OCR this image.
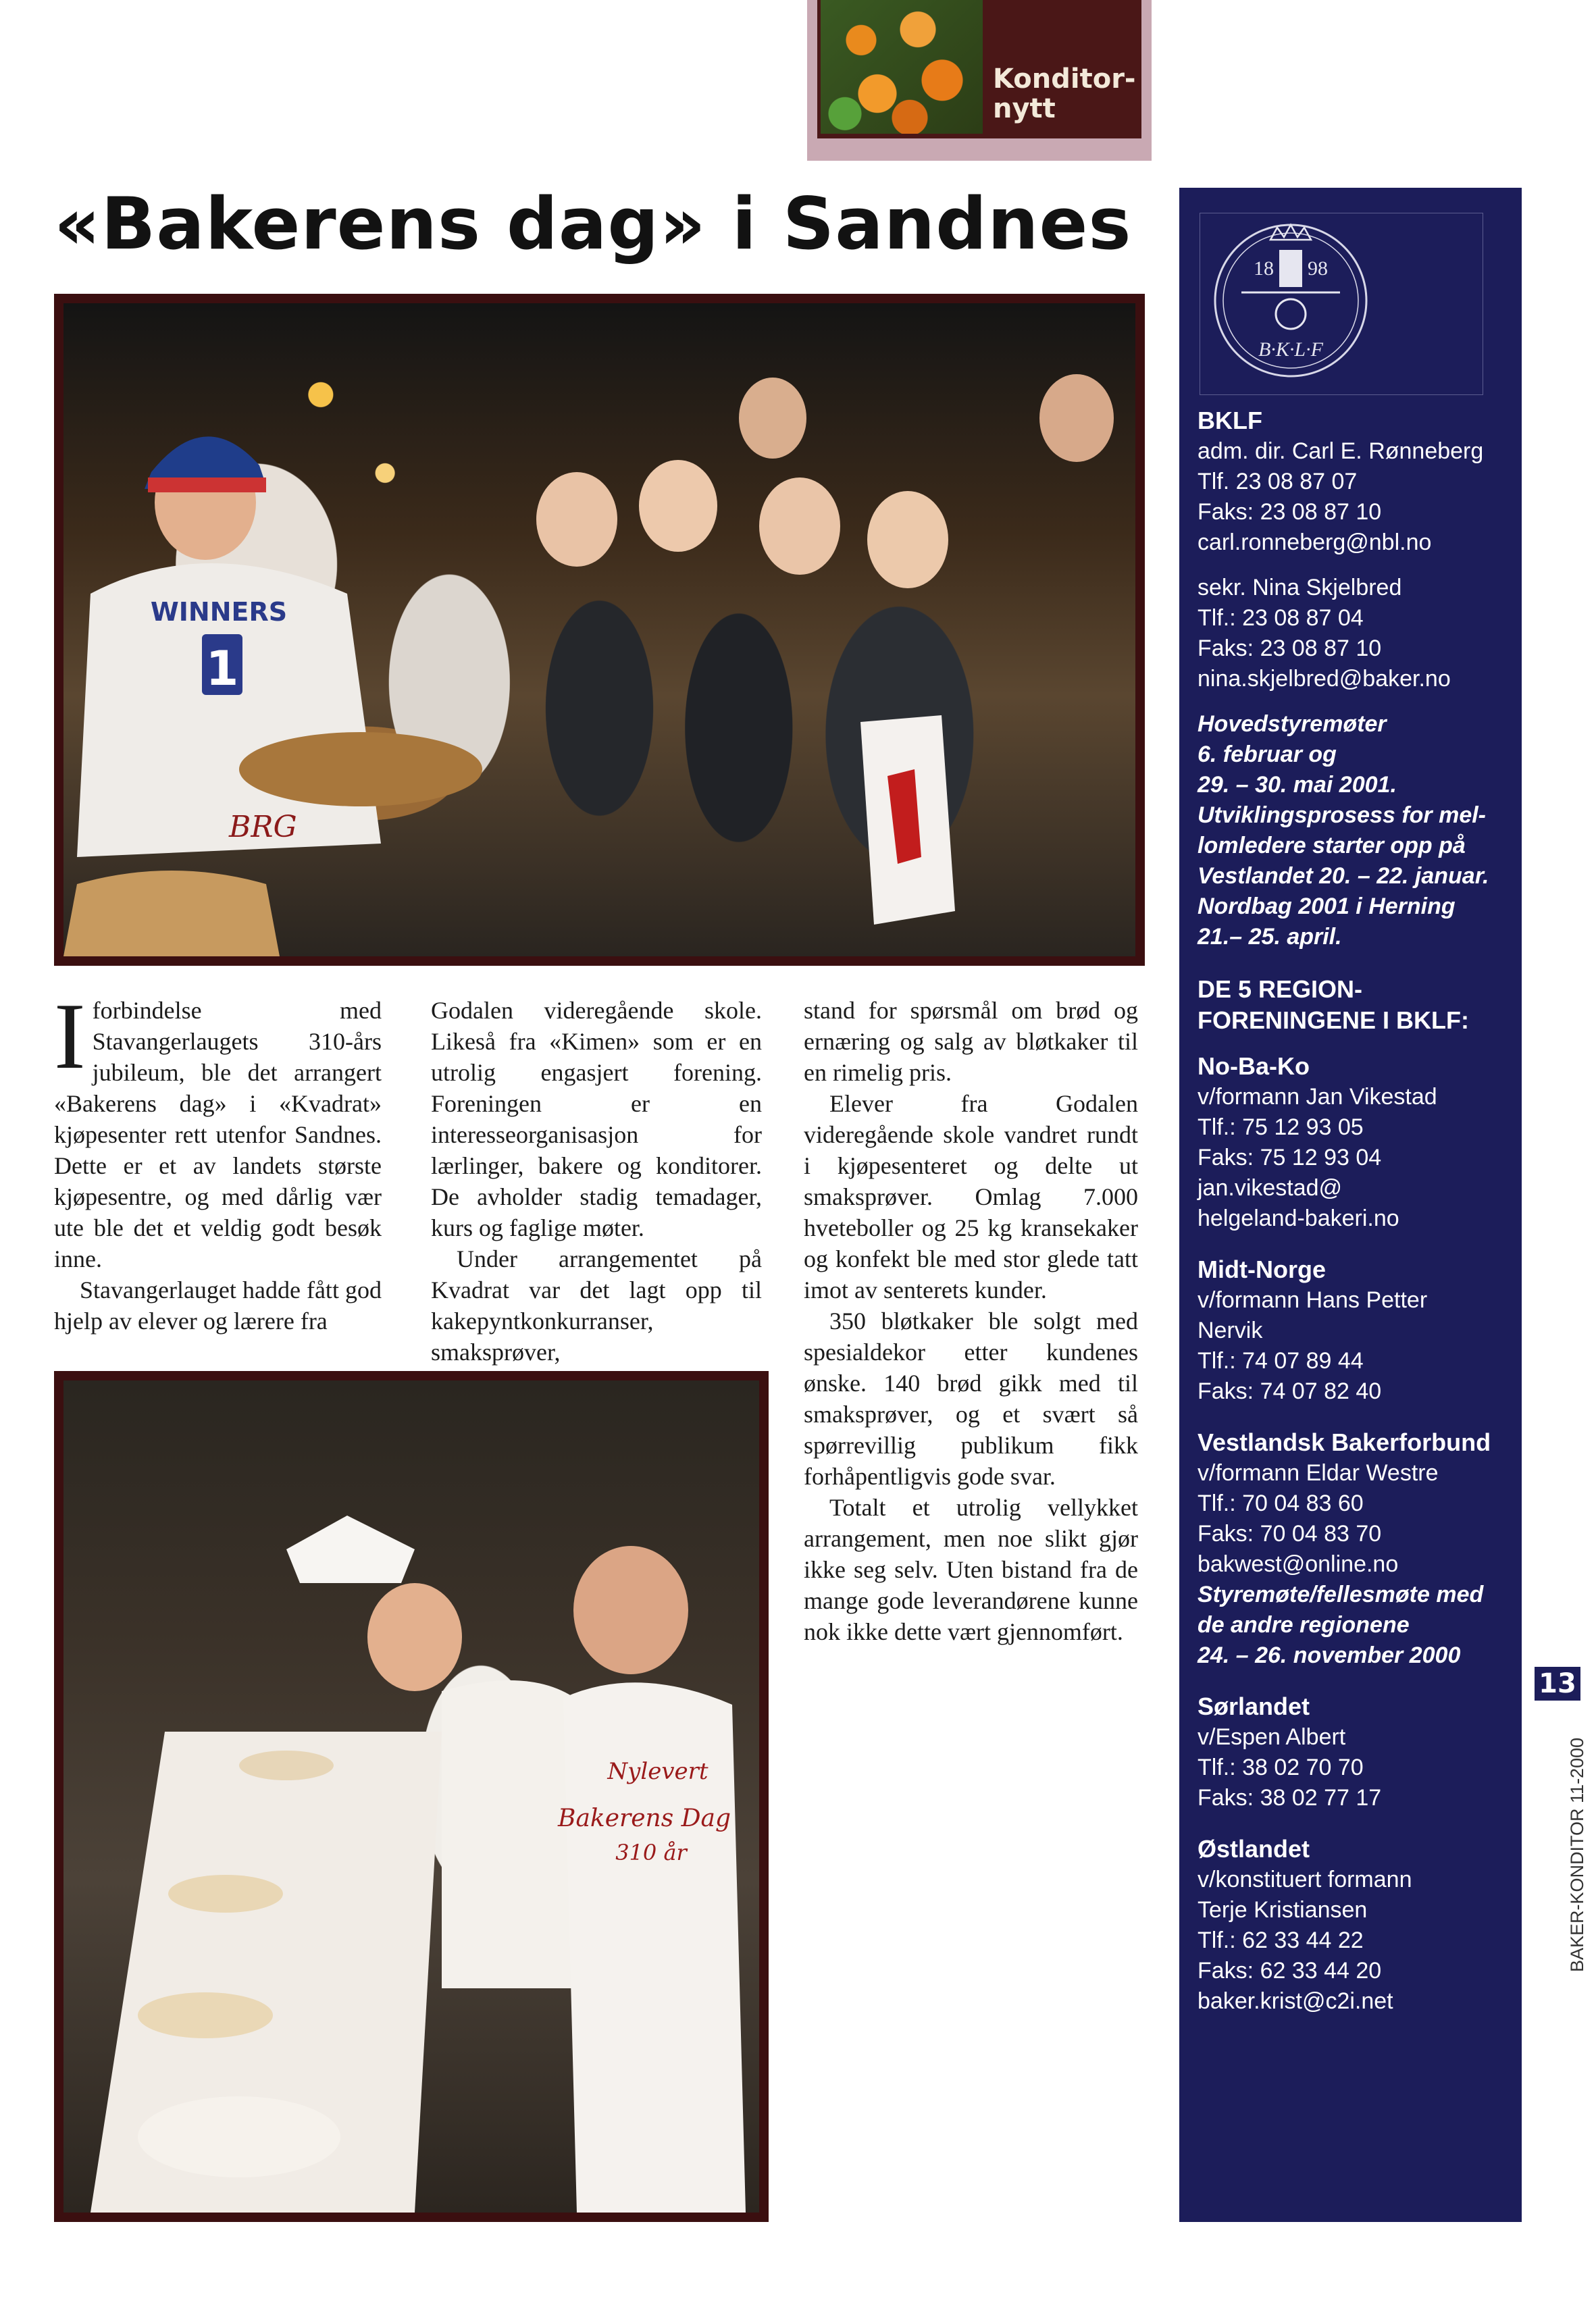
Konditor-
nytt
«Bakerens dag» i Sandnes
WINNERS
1
BRG

Iforbindelse med Stavangerlaugets 310-års jubileum, ble det arrangert «Bakerens dag» i «Kvadrat» kjøpesenter rett utenfor Sandnes. Dette er et av landets største kjøpesentre, og med dårlig vær ute ble det et veldig godt besøk inne.

Stavangerlauget hadde fått god hjelp av elever og lærere fra

Godalen videregående skole. Likeså fra «Kimen» som er en utrolig engasjert forening. Foreningen er en interesseorganisasjon for lærlinger, bakere og konditorer. De avholder stadig temadager, kurs og faglige møter.

Under arrangementet på Kvadrat var det lagt opp til kakepyntkonkurranser, smaksprøver,

stand for spørsmål om brød og ernæring og salg av bløtkaker til en rimelig pris.

Elever fra Godalen videregående skole vandret rundt i kjøpesenteret og delte ut smaksprøver. Omlag 7.000 hveteboller og 25 kg kransekaker og konfekt ble med stor glede tatt imot av senterets kunder.

350 bløtkaker ble solgt med spesialdekor etter kundenes ønske. 140 brød gikk med til smaksprøver, og et svært så spørrevillig publikum fikk forhåpentligvis gode svar.

Totalt et utrolig vellykket arrangement, men noe slikt gjør ikke seg selv. Uten bistand fra de mange gode leverandørene kunne nok ikke dette vært gjennomført.

Nylevert
Bakerens Dag
310 år
BKLF
adm. dir. Carl E. Rønneberg
Tlf. 23 08 87 07
Faks: 23 08 87 10
carl.ronneberg@nbl.no
sekr. Nina Skjelbred
Tlf.: 23 08 87 04
Faks: 23 08 87 10
nina.skjelbred@baker.no
Hovedstyremøter
6. februar og
29. – 30. mai 2001.
Utviklingsprosess for mel-
lomledere starter opp på
Vestlandet 20. – 22. januar.
Nordbag 2001 i Herning
21.– 25. april.
DE 5 REGION-
FORENINGENE I BKLF:
No-Ba-Ko
v/formann Jan Vikestad
Tlf.: 75 12 93 05
Faks: 75 12 93 04
jan.vikestad@
helgeland-bakeri.no
Midt-Norge
v/formann Hans Petter
Nervik
Tlf.: 74 07 89 44
Faks: 74 07 82 40
Vestlandsk Bakerforbund
v/formann Eldar Westre
Tlf.: 70 04 83 60
Faks: 70 04 83 70
bakwest@online.no
Styremøte/fellesmøte med
de andre regionene
24. – 26. november 2000
Sørlandet
v/Espen Albert
Tlf.: 38 02 70 70
Faks: 38 02 77 17
Østlandet
v/konstituert formann
Terje Kristiansen
Tlf.: 62 33 44 22
Faks: 62 33 44 20
baker.krist@c2i.net
18 98
B·K·L·F
13
BAKER-KONDITOR 11-2000
